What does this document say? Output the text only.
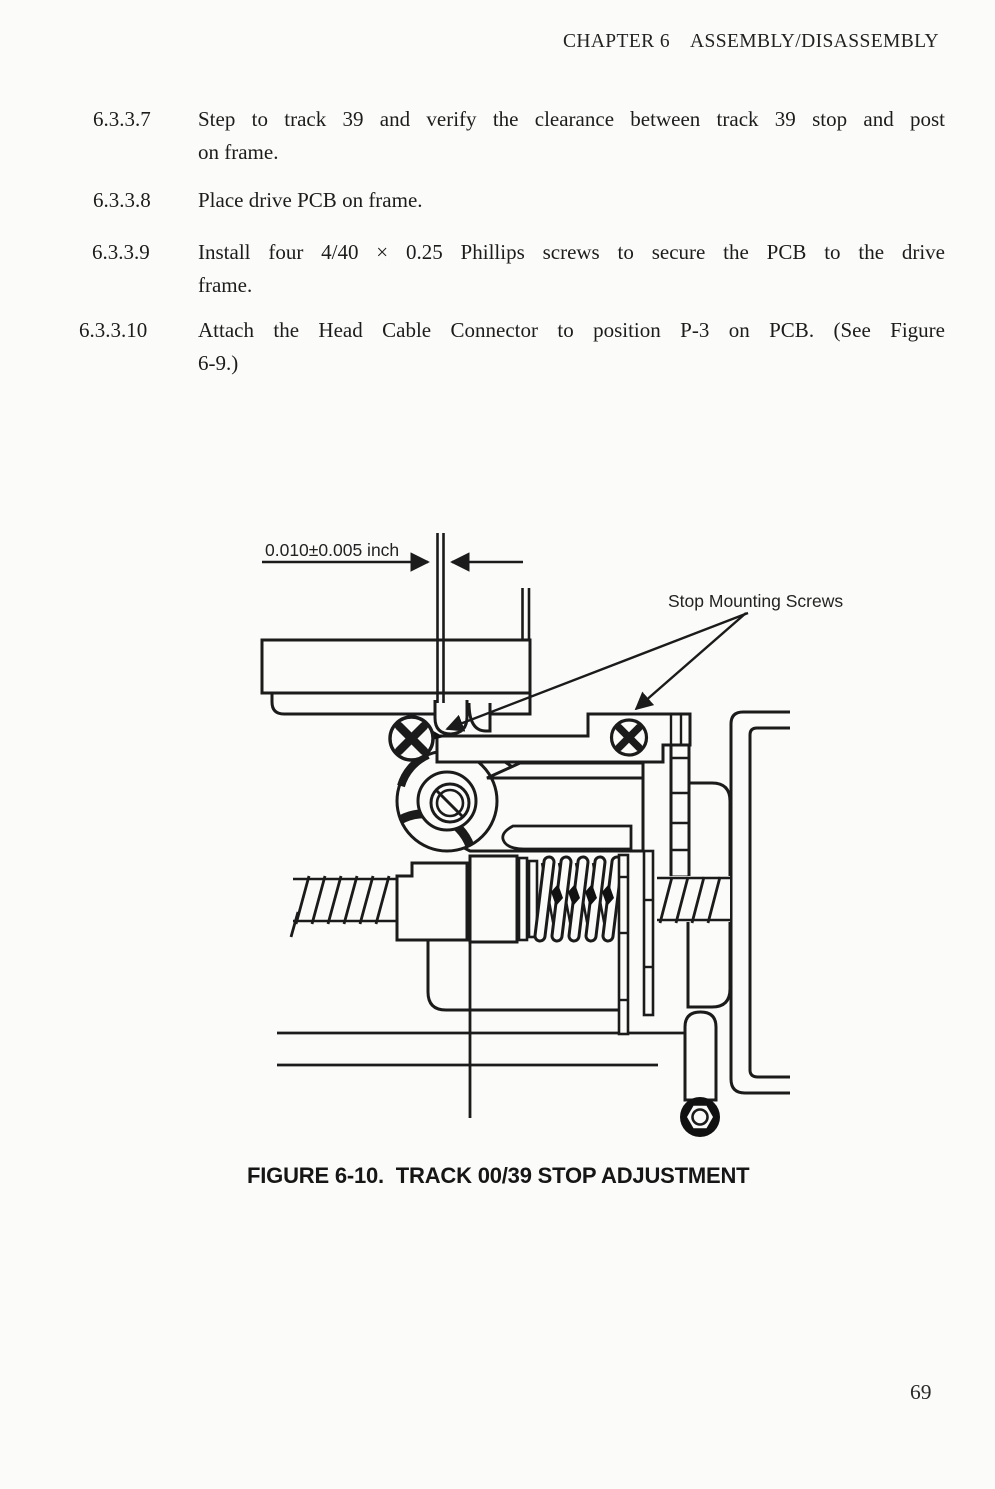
CHAPTER 6 ASSEMBLY/DISASSEMBLY
6.3.3.7 Step to track 39 and verify the clearance between track 39 stop and post
on frame.
6.3.3.8 Place drive PCB on frame.
6.3.3.9 Install four 4/40 × 0.25 Phillips screws to secure the PCB to the drive
frame.
6.3.3.10 Attach the Head Cable Connector to position P-3 on PCB. (See Figure
6-9.)
0.010±0.005 inch
Stop Mounting Screws
FIGURE 6-10.  TRACK 00/39 STOP ADJUSTMENT
69
